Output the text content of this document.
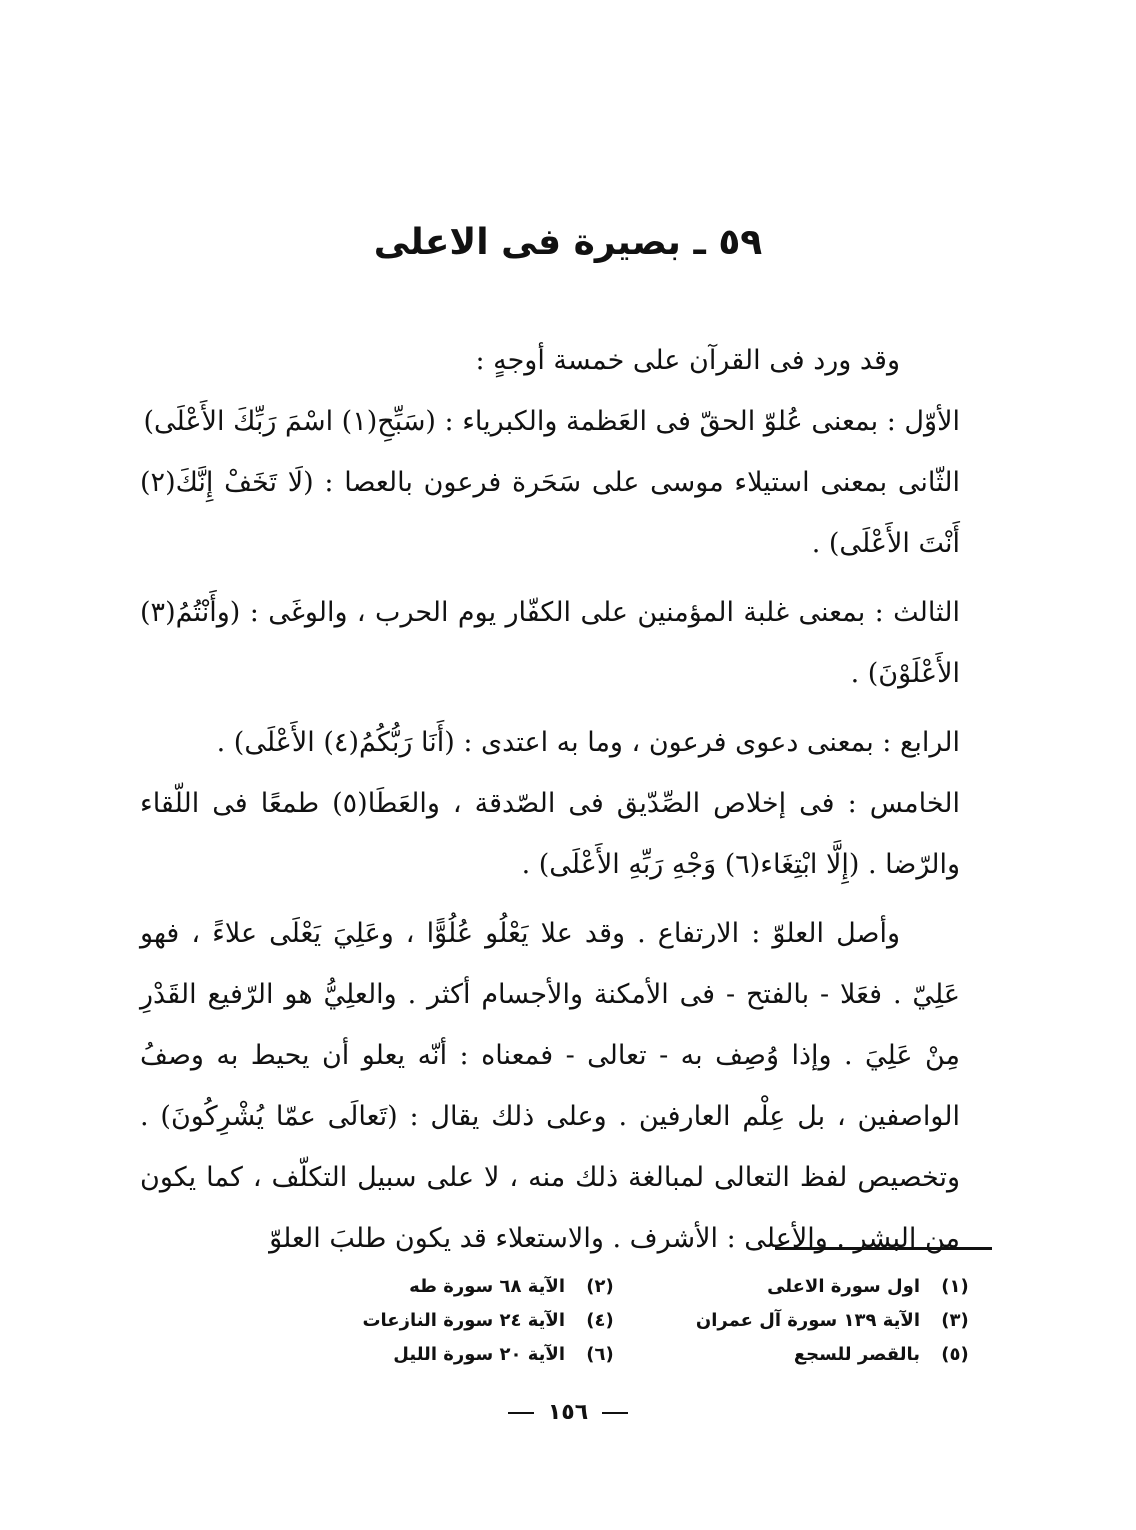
٥٩ ـ بصيرة فى الاعلى

وقد ورد فى القرآن على خمسة أوجهٍ :

الأوّل : بمعنى عُلوّ الحقّ فى العَظمة والكبرياء : (سَبِّحِ(١) اسْمَ رَبِّكَ الأَعْلَى)

الثّانى بمعنى استيلاء موسى على سَحَرة فرعون بالعصا : (لَا تَخَفْ إِنَّكَ(٢) أَنْتَ الأَعْلَى) .

الثالث : بمعنى غلبة المؤمنين على الكفّار يوم الحرب ، والوغَى : (وأَنْتُمُ(٣) الأَعْلَوْنَ) .

الرابع : بمعنى دعوى فرعون ، وما به اعتدى : (أَنَا رَبُّكُمُ(٤) الأَعْلَى) .

الخامس : فى إخلاص الصِّدّيق فى الصّدقة ، والعَطَا(٥) طمعًا فى اللّقاء والرّضا . (إِلَّا ابْتِغَاء(٦) وَجْهِ رَبِّهِ الأَعْلَى) .

وأصل العلوّ : الارتفاع . وقد علا يَعْلُو عُلُوًّا ، وعَلِيَ يَعْلَى علاءً ، فهو عَلِيّ . فعَلا - بالفتح - فى الأمكنة والأجسام أكثر . والعلِيُّ هو الرّفيع القَدْرِ مِنْ عَلِيَ . وإذا وُصِف به - تعالى - فمعناه : أنّه يعلو أن يحيط به وصفُ الواصفين ، بل عِلْم العارفين . وعلى ذلك يقال : (تَعالَى عمّا يُشْرِكُونَ) . وتخصيص لفظ التعالى لمبالغة ذلك منه ، لا على سبيل التكلّف ، كما يكون من البشر . والأعلى : الأشرف . والاستعلاء قد يكون طلبَ العلوّ

(١)
اول سورة الاعلى
(٢)
الآية ٦٨ سورة طه
(٣)
الآية ١٣٩ سورة آل عمران
(٤)
الآية ٢٤ سورة النازعات
(٥)
بالقصر للسجع
(٦)
الآية ٢٠ سورة الليل
١٥٦
